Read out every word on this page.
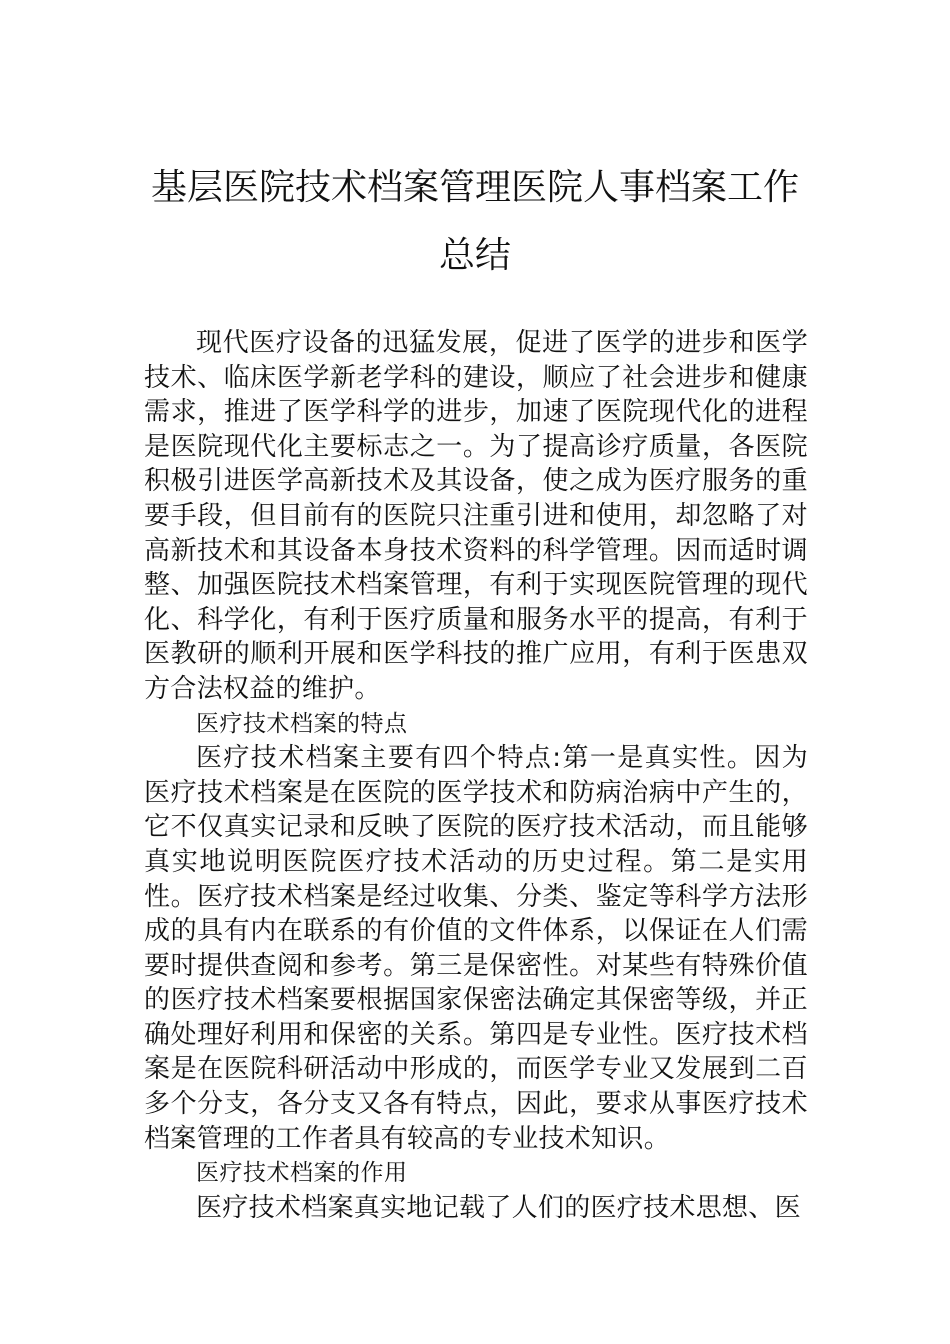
基层医院技术档案管理医院人事档案工作
总结

现代医疗设备的迅猛发展，促进了医学的进步和医学技术、临床医学新老学科的建设，顺应了社会进步和健康需求，推进了医学科学的进步，加速了医院现代化的进程是医院现代化主要标志之一。为了提高诊疗质量，各医院积极引进医学高新技术及其设备，使之成为医疗服务的重要手段，但目前有的医院只注重引进和使用，却忽略了对高新技术和其设备本身技术资料的科学管理。因而适时调整、加强医院技术档案管理，有利于实现医院管理的现代化、科学化，有利于医疗质量和服务水平的提高，有利于医教研的顺利开展和医学科技的推广应用，有利于医患双方合法权益的维护。

医疗技术档案的特点

医疗技术档案主要有四个特点:第一是真实性。因为医疗技术档案是在医院的医学技术和防病治病中产生的，它不仅真实记录和反映了医院的医疗技术活动，而且能够真实地说明医院医疗技术活动的历史过程。第二是实用性。医疗技术档案是经过收集、分类、鉴定等科学方法形成的具有内在联系的有价值的文件体系，以保证在人们需要时提供查阅和参考。第三是保密性。对某些有特殊价值的医疗技术档案要根据国家保密法确定其保密等级，并正确处理好利用和保密的关系。第四是专业性。医疗技术档案是在医院科研活动中形成的，而医学专业又发展到二百多个分支，各分支又各有特点，因此，要求从事医疗技术档案管理的工作者具有较高的专业技术知识。

医疗技术档案的作用

医疗技术档案真实地记载了人们的医疗技术思想、医
